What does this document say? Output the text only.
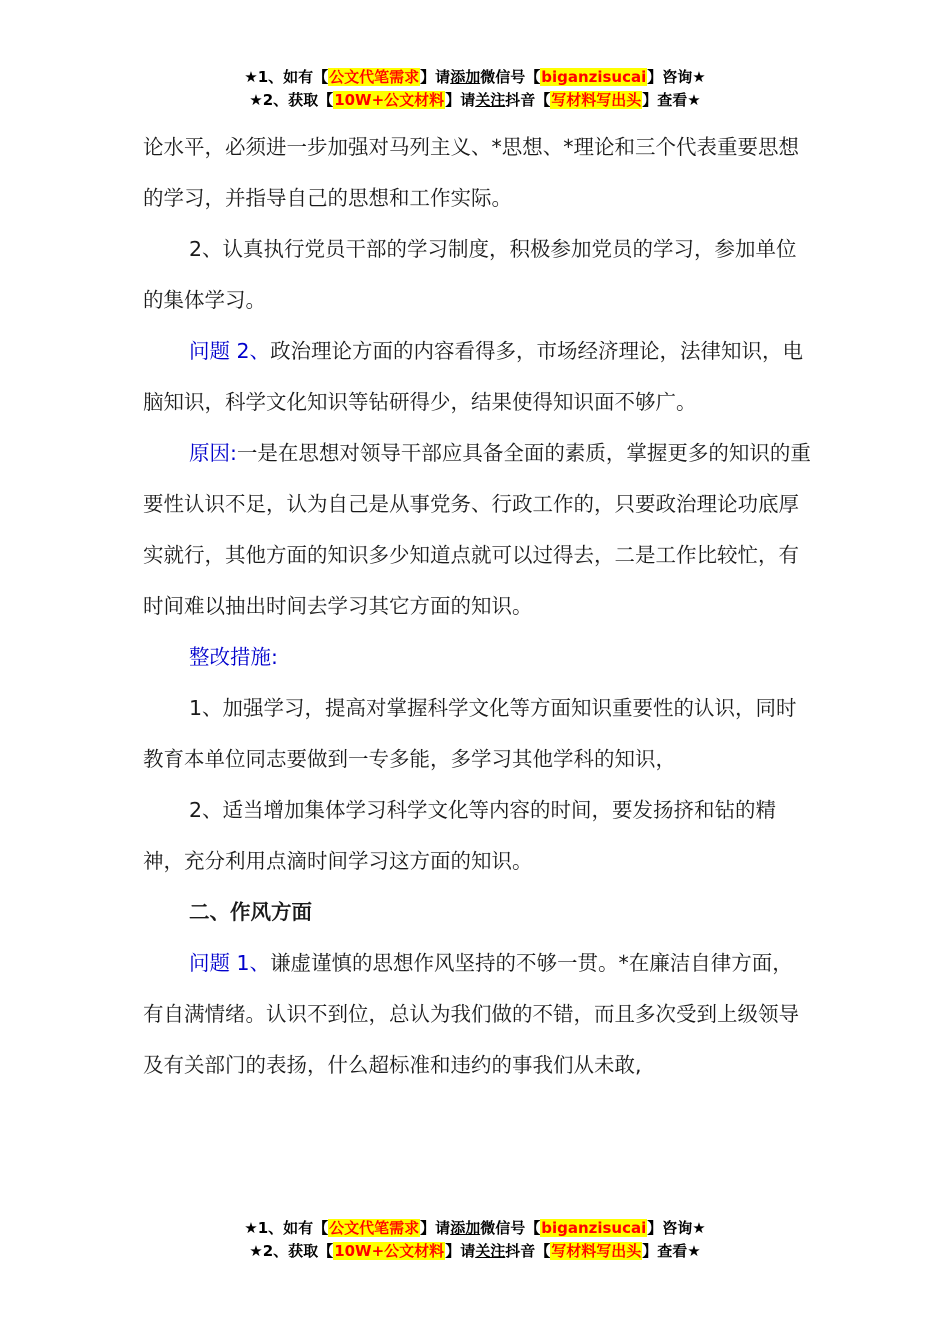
★1、如有【公文代笔需求】请添加微信号【biganzisucai】咨询★
★2、获取【10W+公文材料】请关注抖音【写材料写出头】查看★

论水平，必须进一步加强对马列主义、*思想、*理论和三个代表重要思想的学习，并指导自己的思想和工作实际。

2、认真执行党员干部的学习制度，积极参加党员的学习，参加单位的集体学习。

问题 2、政治理论方面的内容看得多，市场经济理论，法律知识，电脑知识，科学文化知识等钻研得少，结果使得知识面不够广。

原因:一是在思想对领导干部应具备全面的素质，掌握更多的知识的重要性认识不足，认为自己是从事党务、行政工作的，只要政治理论功底厚实就行，其他方面的知识多少知道点就可以过得去，二是工作比较忙，有时间难以抽出时间去学习其它方面的知识。

整改措施:

1、加强学习，提高对掌握科学文化等方面知识重要性的认识，同时教育本单位同志要做到一专多能，多学习其他学科的知识，

2、适当增加集体学习科学文化等内容的时间，要发扬挤和钻的精神，充分利用点滴时间学习这方面的知识。

二、作风方面

问题 1、谦虚谨慎的思想作风坚持的不够一贯。*在廉洁自律方面，有自满情绪。认识不到位，总认为我们做的不错，而且多次受到上级领导及有关部门的表扬，什么超标准和违约的事我们从未敢,

★1、如有【公文代笔需求】请添加微信号【biganzisucai】咨询★
★2、获取【10W+公文材料】请关注抖音【写材料写出头】查看★
